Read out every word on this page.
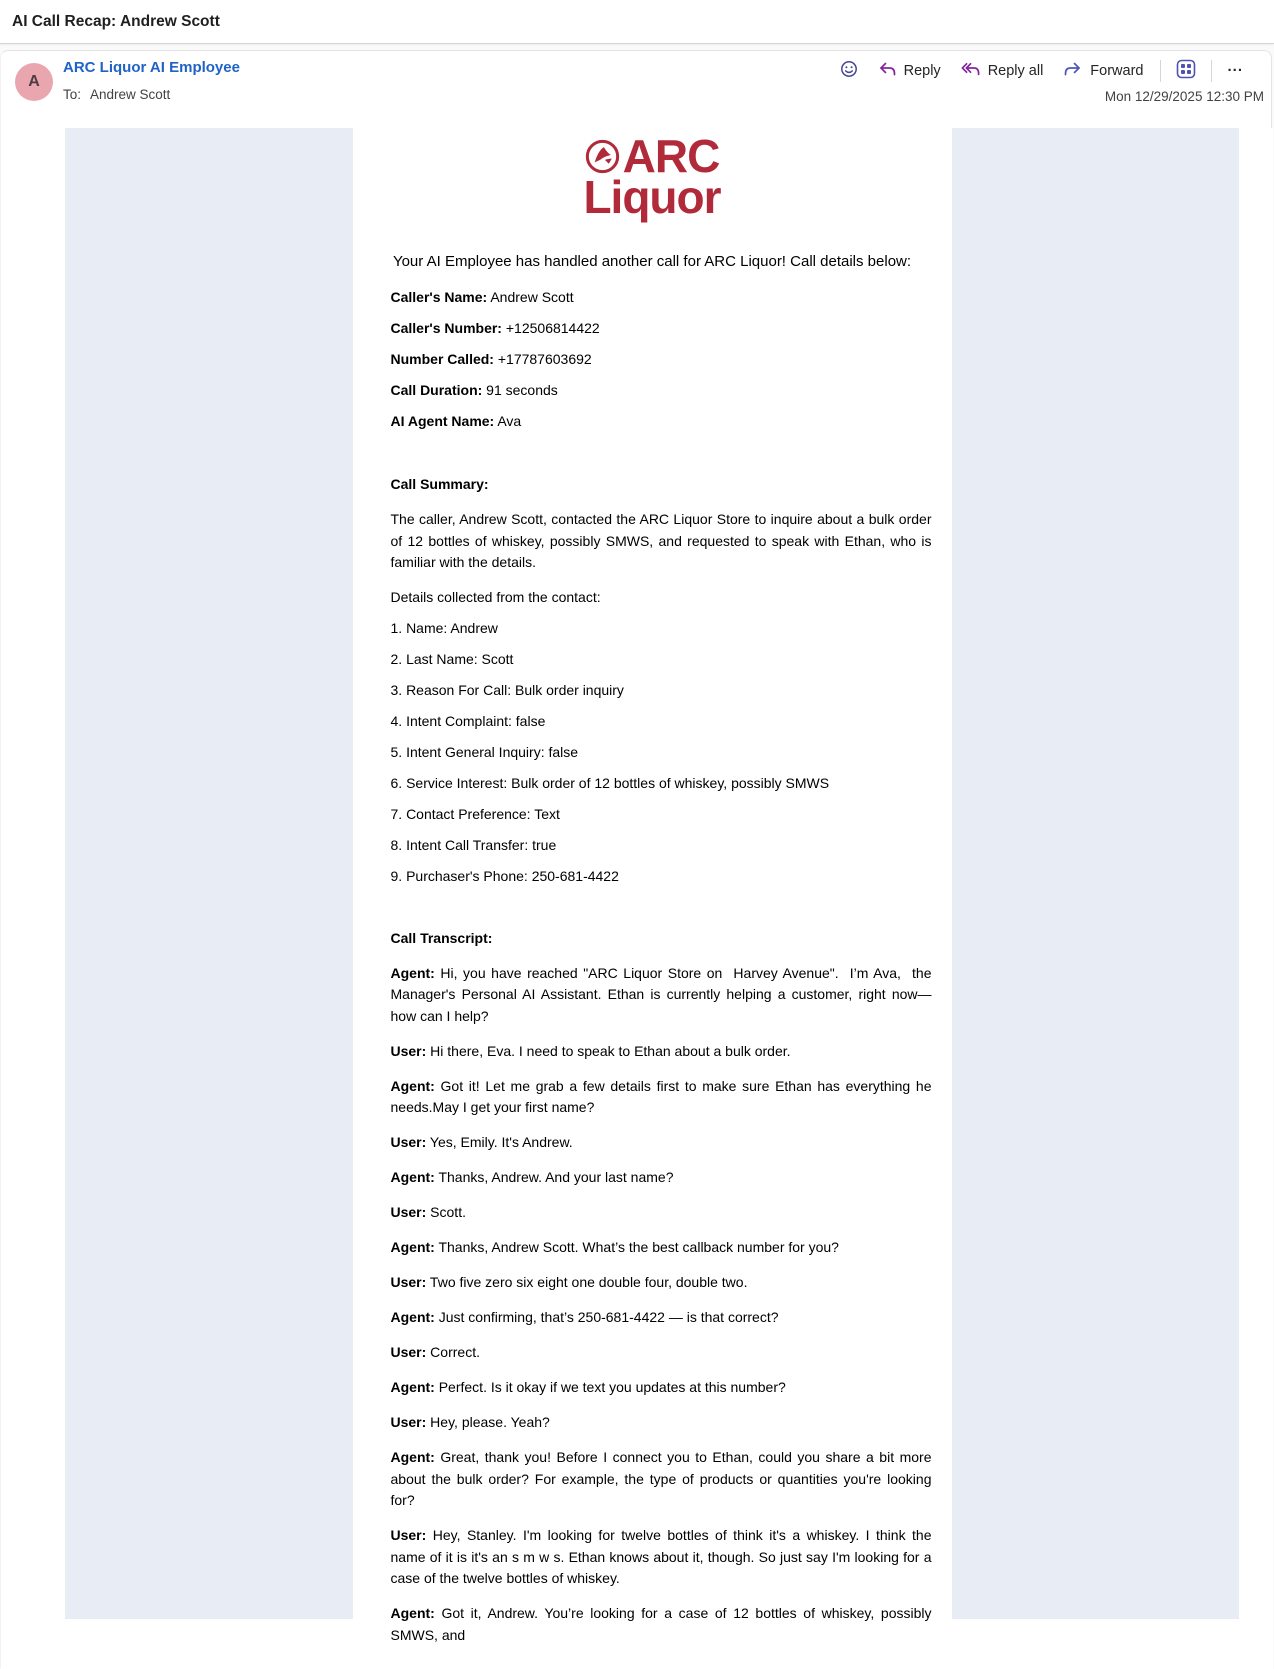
AI Call Recap: Andrew Scott
A
ARC Liquor AI Employee
To: Andrew Scott
Reply	Reply all	Forward	...
Mon 12/29/2025 12:30 PM
ARC
Liquor

Your AI Employee has handled another call for ARC Liquor! Call details below:

Caller's Name: Andrew Scott

Caller's Number: +12506814422

Number Called: +17787603692

Call Duration: 91 seconds

AI Agent Name: Ava

Call Summary:

The caller, Andrew Scott, contacted the ARC Liquor Store to inquire about a bulk order of 12 bottles of whiskey, possibly SMWS, and requested to speak with Ethan, who is familiar with the details.

Details collected from the contact:

1. Name: Andrew

2. Last Name: Scott

3. Reason For Call: Bulk order inquiry

4. Intent Complaint: false

5. Intent General Inquiry: false

6. Service Interest: Bulk order of 12 bottles of whiskey, possibly SMWS

7. Contact Preference: Text

8. Intent Call Transfer: true

9. Purchaser's Phone: 250-681-4422

Call Transcript:

Agent: Hi, you have reached "ARC Liquor Store on  Harvey Avenue".  I’m Ava,  the Manager's Personal AI Assistant. Ethan is currently helping a customer, right now—how can I help?

User: Hi there, Eva. I need to speak to Ethan about a bulk order.

Agent: Got it! Let me grab a few details first to make sure Ethan has everything he needs.May I get your first name?

User: Yes, Emily. It's Andrew.

Agent: Thanks, Andrew. And your last name?

User: Scott.

Agent: Thanks, Andrew Scott. What’s the best callback number for you?

User: Two five zero six eight one double four, double two.

Agent: Just confirming, that’s 250-681-4422 — is that correct?

User: Correct.

Agent: Perfect. Is it okay if we text you updates at this number?

User: Hey, please. Yeah?

Agent: Great, thank you! Before I connect you to Ethan, could you share a bit more about the bulk order? For example, the type of products or quantities you're looking for?

User: Hey, Stanley. I'm looking for twelve bottles of think it's a whiskey. I think the name of it is it's an s m w s. Ethan knows about it, though. So just say I'm looking for a case of the twelve bottles of whiskey.

Agent: Got it, Andrew. You’re looking for a case of 12 bottles of whiskey, possibly SMWS, and
